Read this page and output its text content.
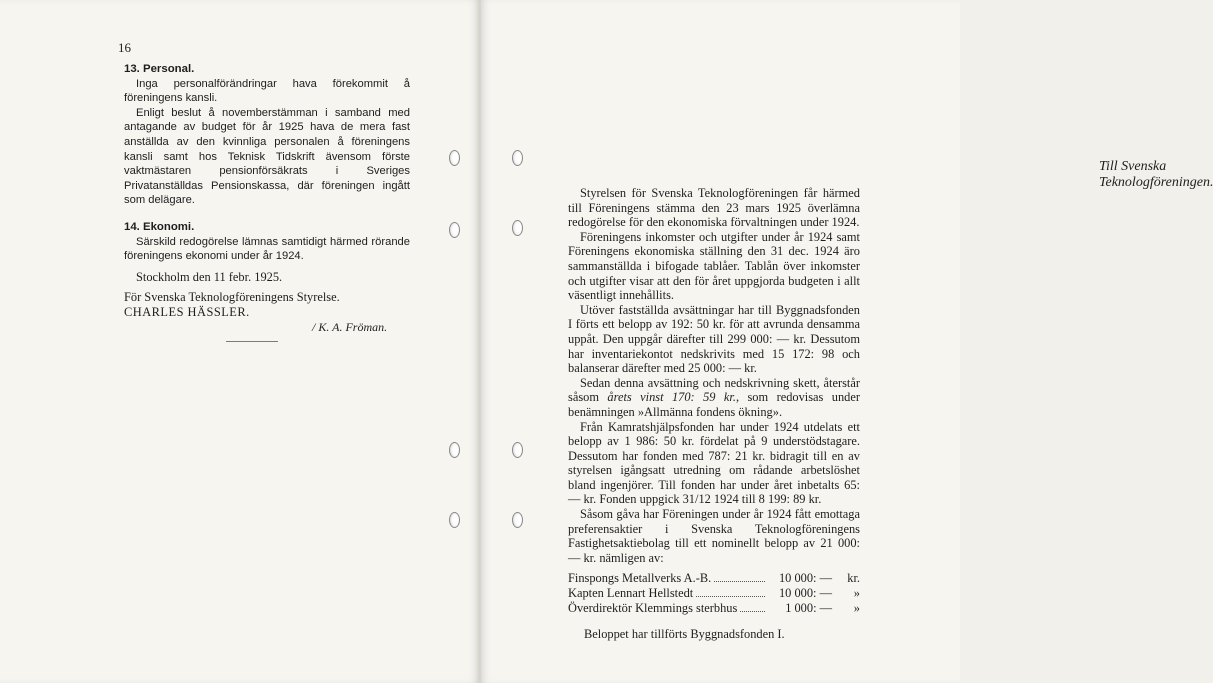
16

13. Personal.

Inga personalförändringar hava förekommit å föreningens kansli.

Enligt beslut å novemberstämman i samband med antagande av budget för år 1925 hava de mera fast anställda av den kvinnliga personalen å föreningens kansli samt hos Teknisk Tidskrift ävensom förste vaktmästaren pensionförsäkrats i Sveriges Privatanställdas Pensionskassa, där föreningen ingått som delägare.

14. Ekonomi.

Särskild redogörelse lämnas samtidigt härmed rörande föreningens ekonomi under år 1924.

Stockholm den 11 febr. 1925.

För Svenska Teknologföreningens Styrelse.

CHARLES HÄSSLER.

/ K. A. Fröman.
Till Svenska Teknologföreningen.

Styrelsen för Svenska Teknologföreningen får härmed till Föreningens stämma den 23 mars 1925 överlämna redogörelse för den ekonomiska förvaltningen under 1924.

Föreningens inkomster och utgifter under år 1924 samt Föreningens ekonomiska ställning den 31 dec. 1924 äro sammanställda i bifogade tablåer. Tablån över inkomster och utgifter visar att den för året uppgjorda budgeten i allt väsentligt innehållits.

Utöver fastställda avsättningar har till Byggnadsfonden I förts ett belopp av 192: 50 kr. för att avrunda densamma uppåt. Den uppgår därefter till 299 000: — kr. Dessutom har inventariekontot nedskrivits med 15 172: 98 och balanserar därefter med 25 000: — kr.

Sedan denna avsättning och nedskrivning skett, återstår såsom årets vinst 170: 59 kr., som redovisas under benämningen »Allmänna fondens ökning».

Från Kamratshjälpsfonden har under 1924 utdelats ett belopp av 1 986: 50 kr. fördelat på 9 understödstagare. Dessutom har fonden med 787: 21 kr. bidragit till en av styrelsen igångsatt utredning om rådande arbetslöshet bland ingenjörer. Till fonden har under året inbetalts 65: — kr. Fonden uppgick 31/12 1924 till 8 199: 89 kr.

Såsom gåva har Föreningen under år 1924 fått emottaga preferensaktier i Svenska Teknologföreningens Fastighetsaktiebolag till ett nominellt belopp av 21 000: — kr. nämligen av:

Finspongs Metallverks A.-B.	10 000: —	kr.
Kapten Lennart Hellstedt	10 000: —	»
Överdirektör Klemmings sterbhus	1 000: —	»

Beloppet har tillförts Byggnadsfonden I.
